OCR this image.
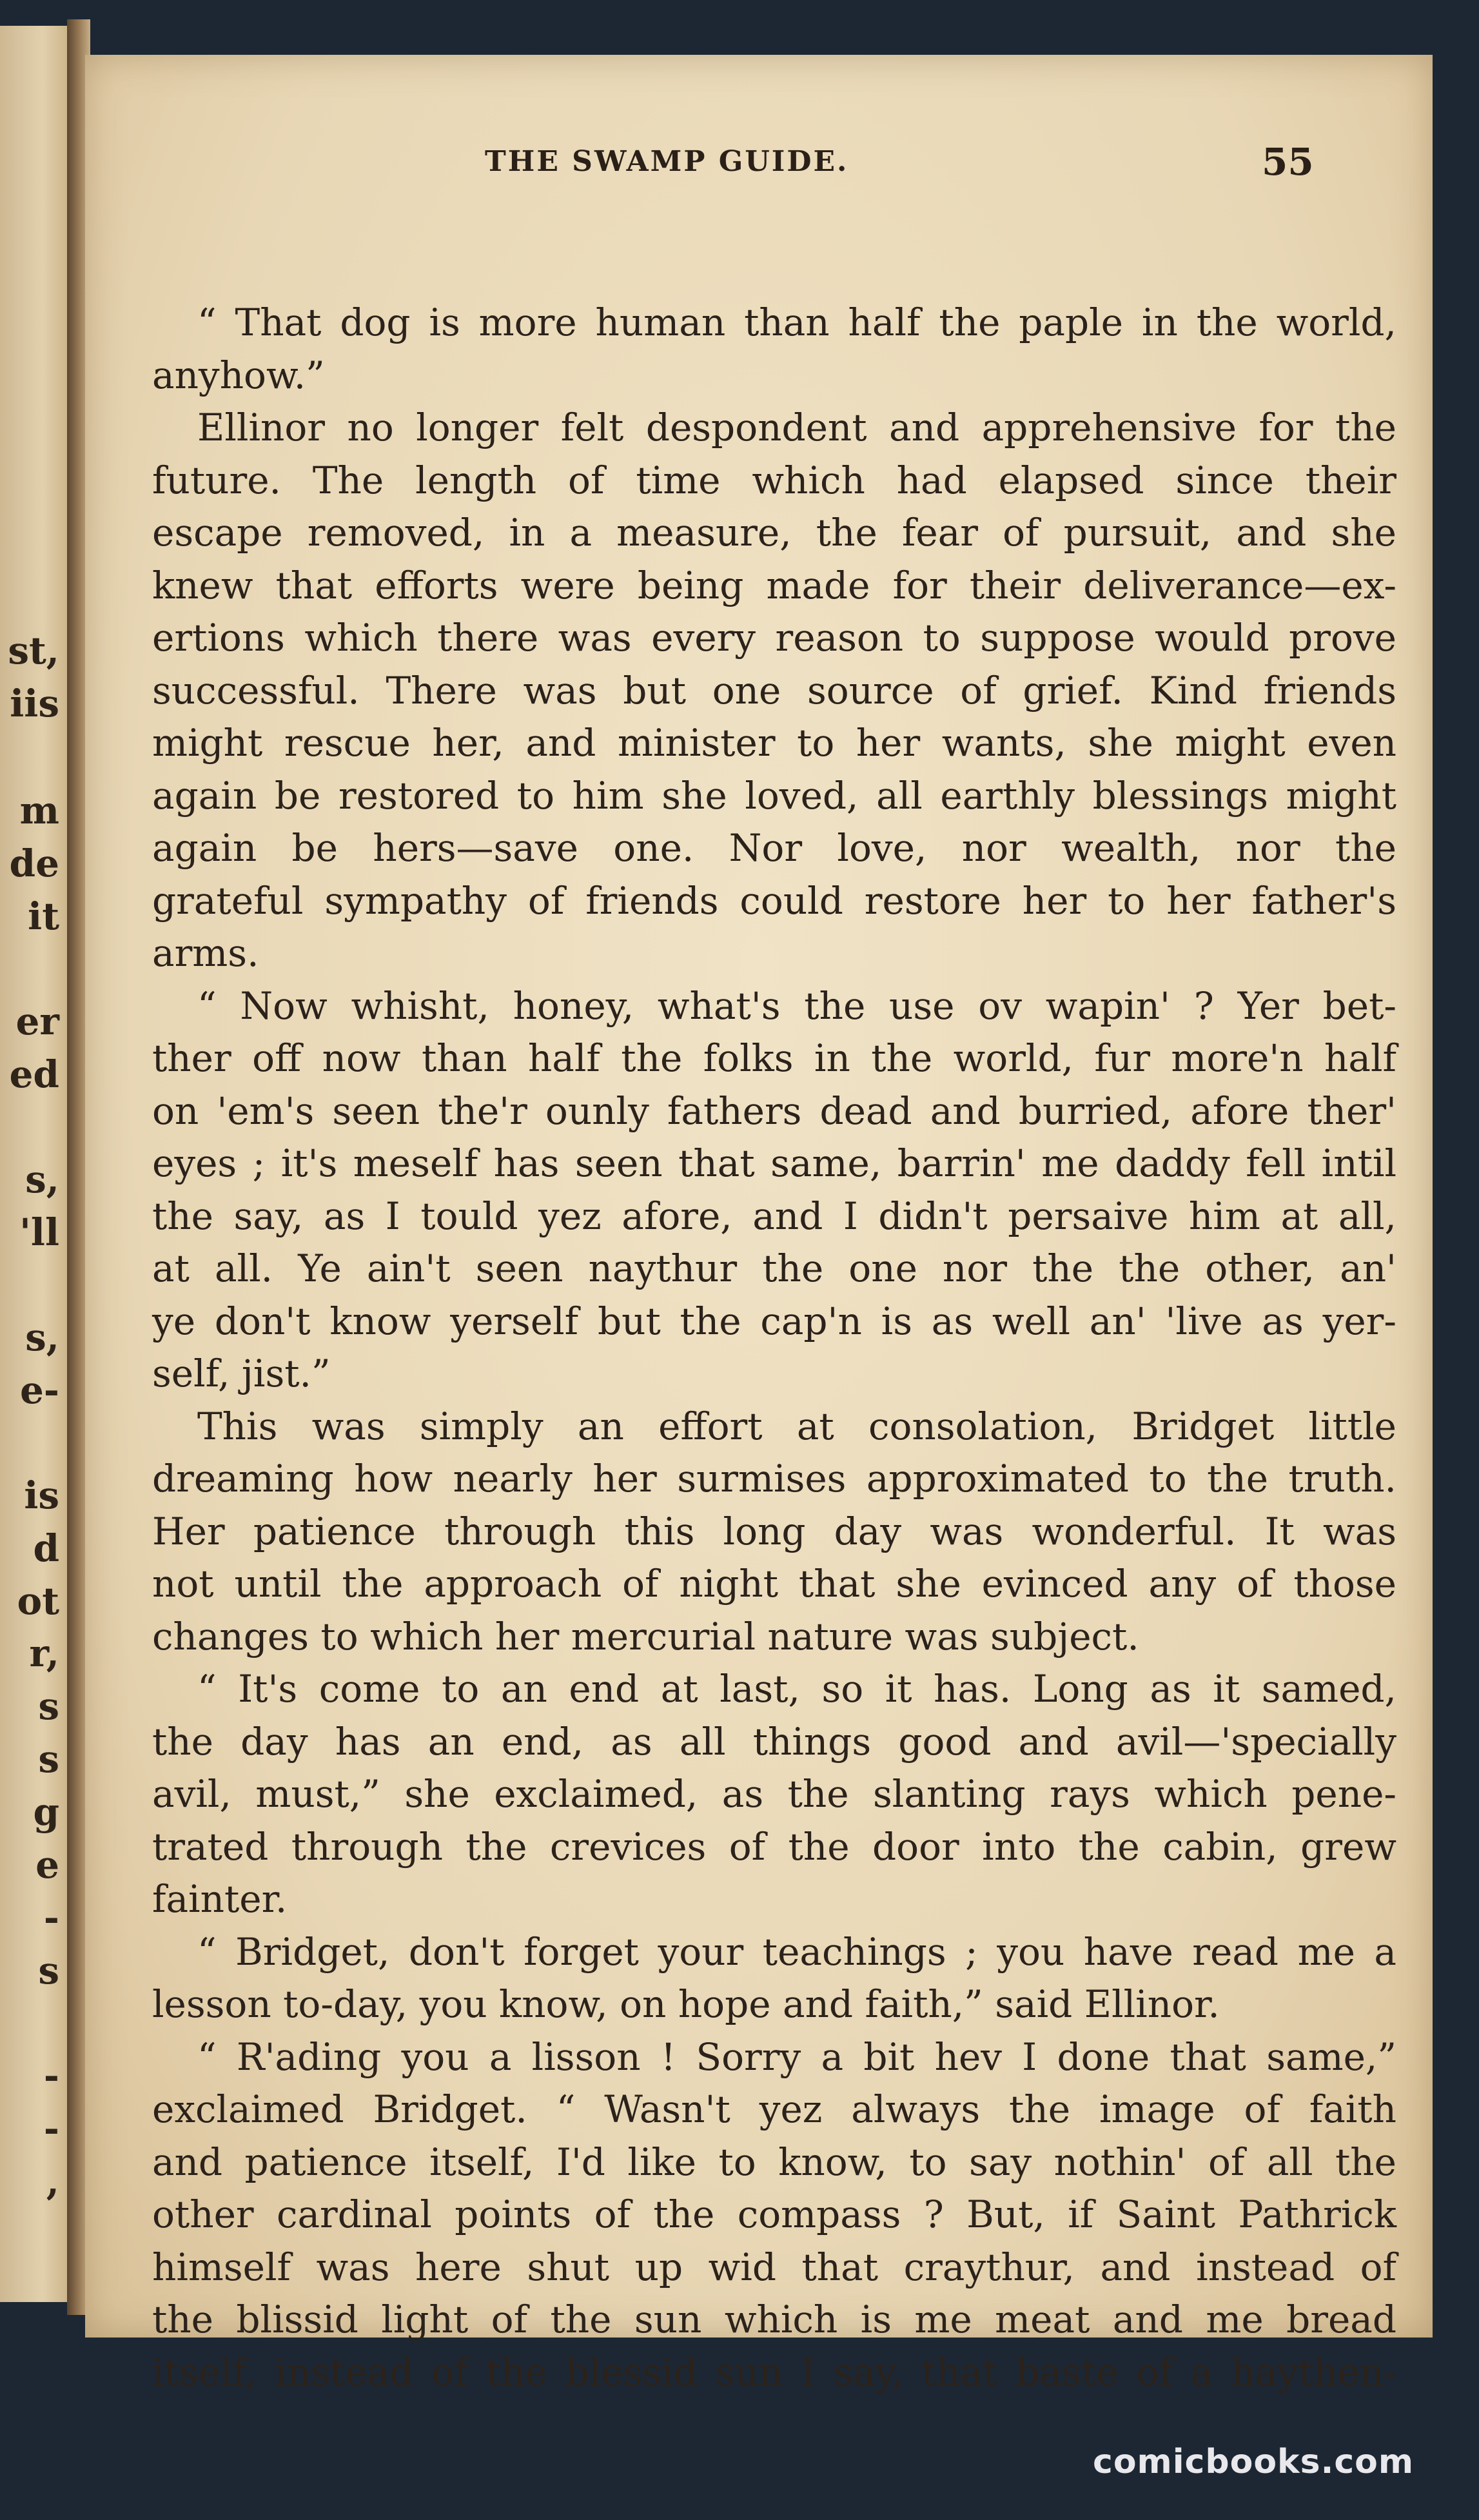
st,
iis
m
de
it
er
ed
s,
'll
s,
e-
is
d
ot
r,
s
s
g
e
-
s
-
-
,
THE SWAMP GUIDE.	55
“ That dog is more human than half the paple in the world,
anyhow.”
Ellinor no longer felt despondent and apprehensive for the
future. The length of time which had elapsed since their
escape removed, in a measure, the fear of pursuit, and she
knew that efforts were being made for their deliverance—ex-
ertions which there was every reason to suppose would prove
successful. There was but one source of grief. Kind friends
might rescue her, and minister to her wants, she might even
again be restored to him she loved, all earthly blessings might
again be hers—save one. Nor love, nor wealth, nor the
grateful sympathy of friends could restore her to her father's
arms.
“ Now whisht, honey, what's the use ov wapin' ? Yer bet-
ther off now than half the folks in the world, fur more'n half
on 'em's seen the'r ounly fathers dead and burried, afore ther'
eyes ; it's meself has seen that same, barrin' me daddy fell intil
the say, as I tould yez afore, and I didn't persaive him at all,
at all. Ye ain't seen naythur the one nor the the other, an'
ye don't know yerself but the cap'n is as well an' 'live as yer-
self, jist.”
This was simply an effort at consolation, Bridget little
dreaming how nearly her surmises approximated to the truth.
Her patience through this long day was wonderful. It was
not until the approach of night that she evinced any of those
changes to which her mercurial nature was subject.
“ It's come to an end at last, so it has. Long as it samed,
the day has an end, as all things good and avil—'specially
avil, must,” she exclaimed, as the slanting rays which pene-
trated through the crevices of the door into the cabin, grew
fainter.
“ Bridget, don't forget your teachings ; you have read me a
lesson to-day, you know, on hope and faith,” said Ellinor.
“ R'ading you a lisson ! Sorry a bit hev I done that same,”
exclaimed Bridget. “ Wasn't yez always the image of faith
and patience itself, I'd like to know, to say nothin' of all the
other cardinal points of the compass ? But, if Saint Pathrick
himself was here shut up wid that craythur, and instead of
the blissid light of the sun which is me meat and me bread
itself, instead of the blessid sun I say, that baste of a haythen-
comicbooks.com
